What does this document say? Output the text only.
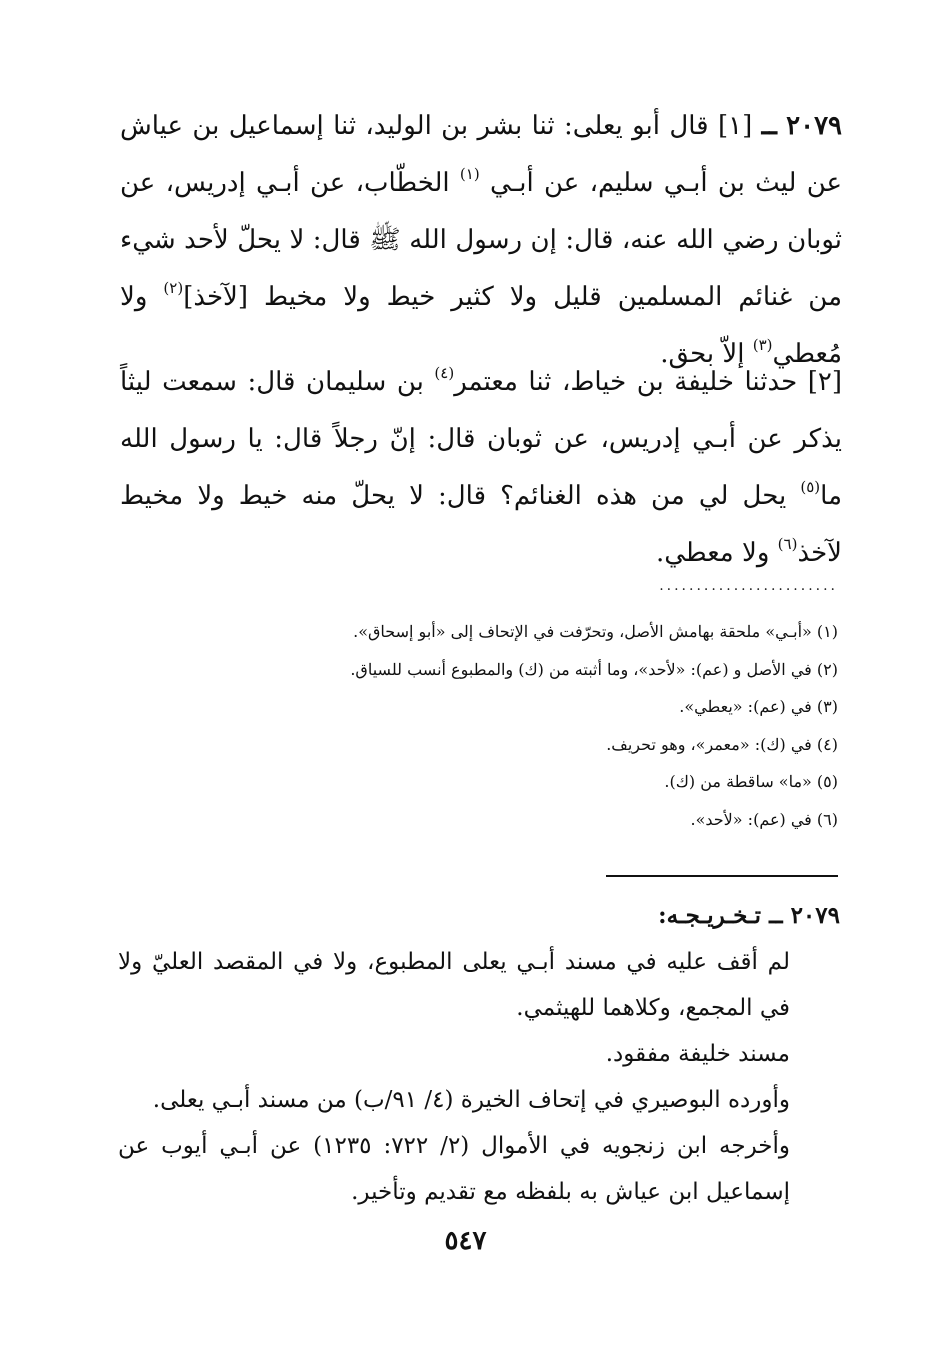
٢٠٧٩ ــ [١] قال أبو يعلى: ثنا بشر بن الوليد، ثنا إسماعيل بن عياش عن ليث بن أبـي سليم، عن أبـي $^{(١)}$ الخطّاب، عن أبـي إدريس، عن ثوبان رضي الله عنه، قال: إن رسول الله ﷺ قال: لا يحلّ لأحد شيء من غنائم المسلمين قليل ولا كثير خيط ولا مخيط [لآخذ]$^{(٢)}$ ولا مُعطي$^{(٣)}$ إلاّ بحق.
[٢] حدثنا خليفة بن خياط، ثنا معتمر$^{(٤)}$ بن سليمان قال: سمعت ليثاً يذكر عن أبـي إدريس، عن ثوبان قال: إنّ رجلاً قال: يا رسول الله ما$^{(٥)}$ يحل لي من هذه الغنائم؟ قال: لا يحلّ منه خيط ولا مخيط لآخذ$^{(٦)}$ ولا معطي.
........................
(١) «أبـي» ملحقة بهامش الأصل، وتحرّفت في الإتحاف إلى «أبو إسحاق».
(٢) في الأصل و (عم): «لأحد»، وما أثبته من (ك) والمطبوع أنسب للسياق.
(٣) في (عم): «يعطي».
(٤) في (ك): «معمر»، وهو تحريف.
(٥) «ما» ساقطة من (ك).
(٦) في (عم): «لأحد».

٢٠٧٩ ــ تـخـريـجـه:

لم أقف عليه في مسند أبـي يعلى المطبوع، ولا في المقصد العليّ ولا في المجمع، وكلاهما للهيثمي.

مسند خليفة مفقود.

وأورده البوصيري في إتحاف الخيرة (٤/ ٩١/ب) من مسند أبـي يعلى.

وأخرجه ابن زنجويه في الأموال (٢/ ٧٢٢: ١٢٣٥) عن أبـي أيوب عن إسماعيل ابن عياش به بلفظه مع تقديم وتأخير.

٥٤٧
